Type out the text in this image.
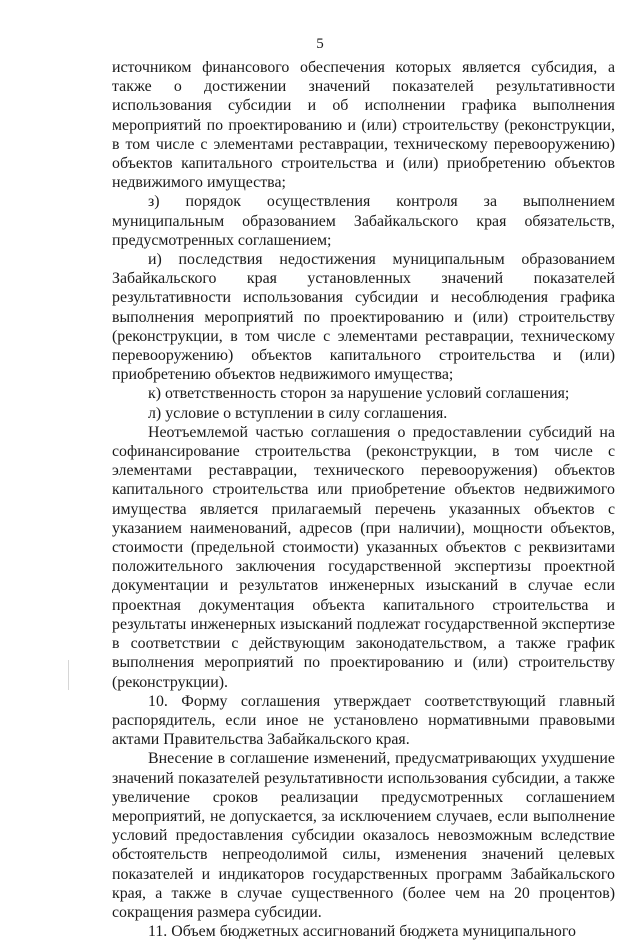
5

источником финансового обеспечения которых является субсидия, а также о достижении значений показателей результативности использования субсидии и об исполнении графика выполнения мероприятий по проектированию и (или) строительству (реконструкции, в том числе с элементами реставрации, техническому перевооружению) объектов капитального строительства и (или) приобретению объектов недвижимого имущества;

з) порядок осуществления контроля за выполнением муниципальным образованием Забайкальского края обязательств, предусмотренных соглашением;

и) последствия недостижения муниципальным образованием Забайкальского края установленных значений показателей результативности использования субсидии и несоблюдения графика выполнения мероприятий по проектированию и (или) строительству (реконструкции, в том числе с элементами реставрации, техническому перевооружению) объектов капитального строительства и (или) приобретению объектов недвижимого имущества;

к) ответственность сторон за нарушение условий соглашения;

л) условие о вступлении в силу соглашения.

Неотъемлемой частью соглашения о предоставлении субсидий на софинансирование строительства (реконструкции, в том числе с элементами реставрации, технического перевооружения) объектов капитального строительства или приобретение объектов недвижимого имущества является прилагаемый перечень указанных объектов с указанием наименований, адресов (при наличии), мощности объектов, стоимости (предельной стоимости) указанных объектов с реквизитами положительного заключения государственной экспертизы проектной документации и результатов инженерных изысканий в случае если проектная документация объекта капитального строительства и результаты инженерных изысканий подлежат государственной экспертизе в соответствии с действующим законодательством, а также график выполнения мероприятий по проектированию и (или) строительству (реконструкции).

10. Форму соглашения утверждает соответствующий главный распорядитель, если иное не установлено нормативными правовыми актами Правительства Забайкальского края.

Внесение в соглашение изменений, предусматривающих ухудшение значений показателей результативности использования субсидии, а также увеличение сроков реализации предусмотренных соглашением мероприятий, не допускается, за исключением случаев, если выполнение условий предоставления субсидии оказалось невозможным вследствие обстоятельств непреодолимой силы, изменения значений целевых показателей и индикаторов государственных программ Забайкальского края, а также в случае существенного (более чем на 20 процентов) сокращения размера субсидии.

11. Объем бюджетных ассигнований бюджета муниципального
